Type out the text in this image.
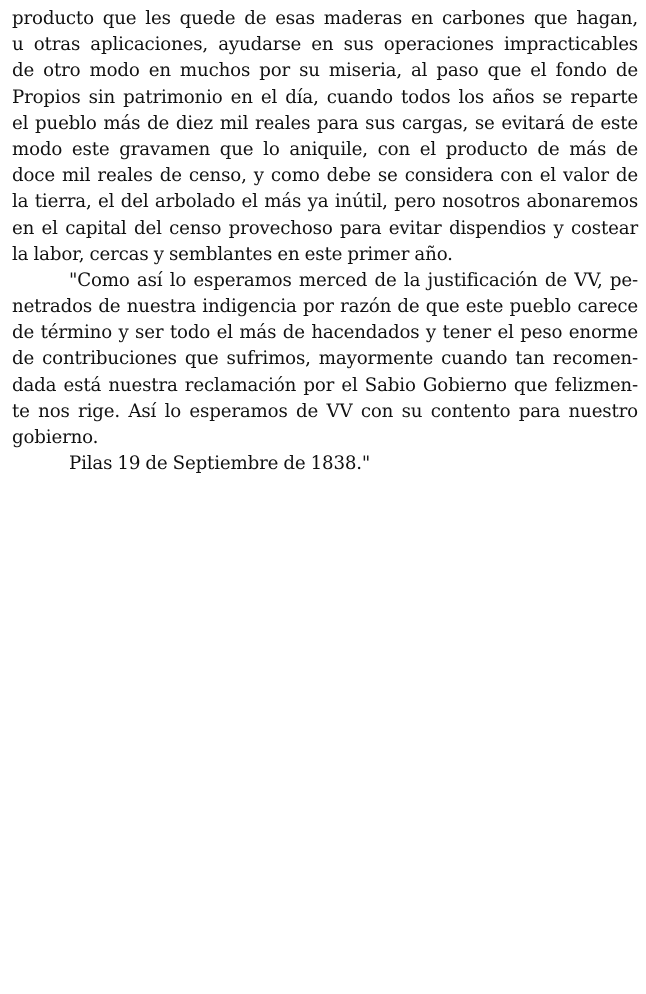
producto que les quede de esas maderas en carbones que hagan,
u otras aplicaciones, ayudarse en sus operaciones impracticables
de otro modo en muchos por su miseria, al paso que el fondo de
Propios sin patrimonio en el día, cuando todos los años se reparte
el pueblo más de diez mil reales para sus cargas, se evitará de este
modo este gravamen que lo aniquile, con el producto de más de
doce mil reales de censo, y como debe se considera con el valor de
la tierra, el del arbolado el más ya inútil, pero nosotros abonaremos
en el capital del censo provechoso para evitar dispendios y costear
la labor, cercas y semblantes en este primer año.
"Como así lo esperamos merced de la justificación de VV, pe-
netrados de nuestra indigencia por razón de que este pueblo carece
de término y ser todo el más de hacendados y tener el peso enorme
de contribuciones que sufrimos, mayormente cuando tan recomen-
dada está nuestra reclamación por el Sabio Gobierno que felizmen-
te nos rige. Así lo esperamos de VV con su contento para nuestro
gobierno.
Pilas 19 de Septiembre de 1838."
